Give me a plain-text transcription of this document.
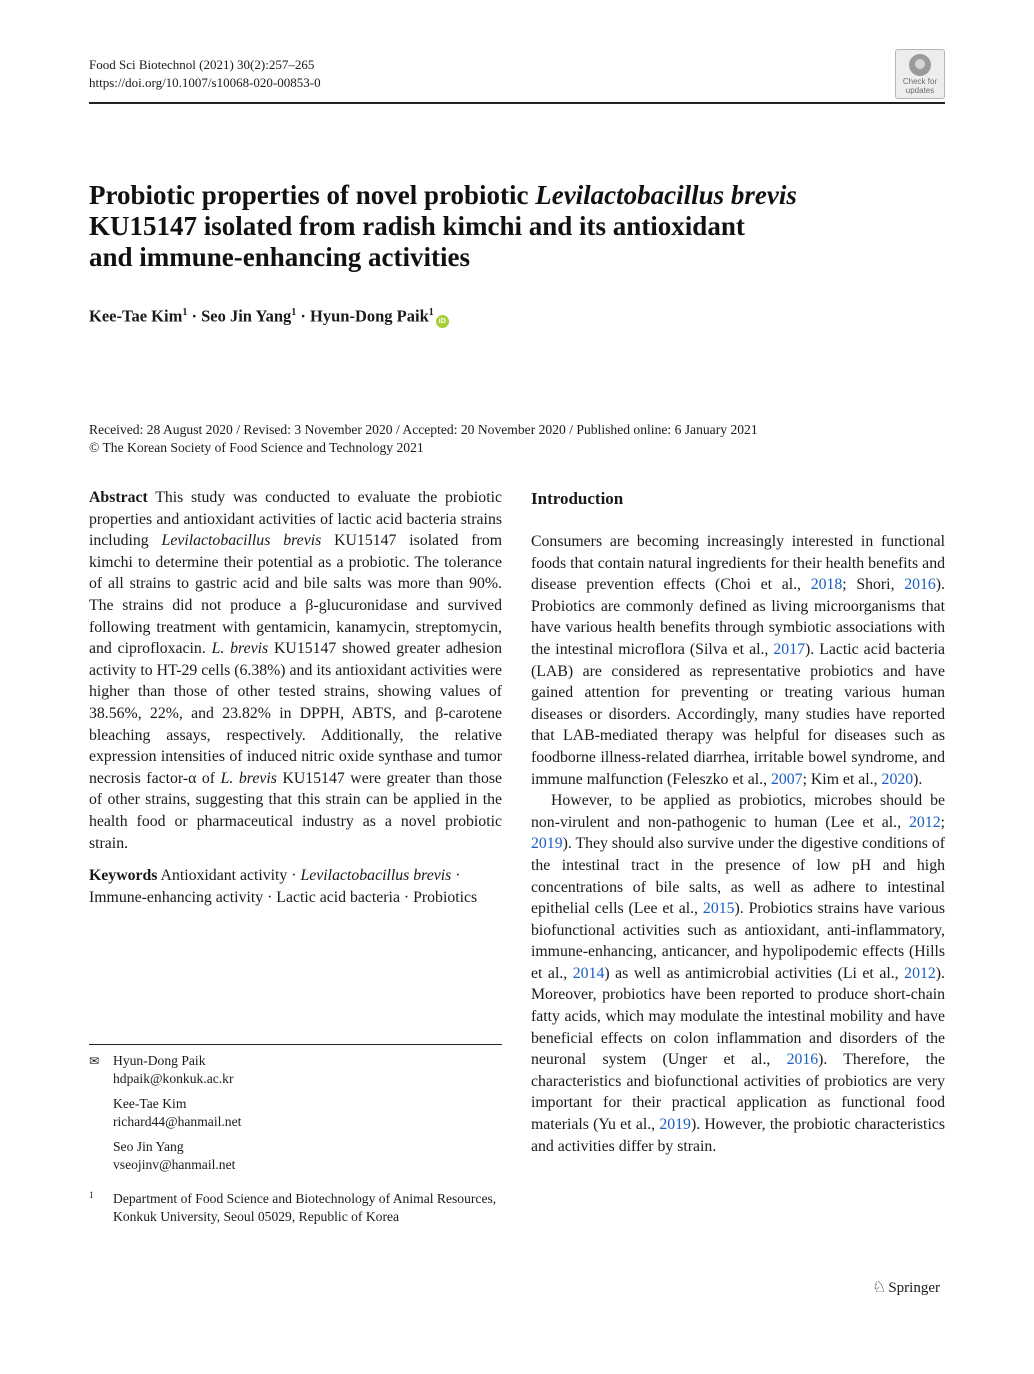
Food Sci Biotechnol (2021) 30(2):257–265
https://doi.org/10.1007/s10068-020-00853-0	Check for
updates
Probiotic properties of novel probiotic Levilactobacillus brevis
KU15147 isolated from radish kimchi and its antioxidant
and immune-enhancing activities
Kee-Tae Kim$^1$ · Seo Jin Yang$^1$ · Hyun-Dong Paik$^1$iD
Received: 28 August 2020 / Revised: 3 November 2020 / Accepted: 20 November 2020 / Published online: 6 January 2021
© The Korean Society of Food Science and Technology 2021

Abstract This study was conducted to evaluate the probiotic properties and antioxidant activities of lactic acid bacteria strains including Levilactobacillus brevis KU15147 isolated from kimchi to determine their potential as a probiotic. The tolerance of all strains to gastric acid and bile salts was more than 90%. The strains did not produce a β-glucuronidase and survived following treatment with gentamicin, kanamycin, streptomycin, and ciprofloxacin. L. brevis KU15147 showed greater adhesion activity to HT-29 cells (6.38%) and its antioxidant activities were higher than those of other tested strains, showing values of 38.56%, 22%, and 23.82% in DPPH, ABTS, and β-carotene bleaching assays, respectively. Additionally, the relative expression intensities of induced nitric oxide synthase and tumor necrosis factor-α of L. brevis KU15147 were greater than those of other strains, suggesting that this strain can be applied in the health food or pharmaceutical industry as a novel probiotic strain.

Keywords Antioxidant activity · Levilactobacillus brevis · Immune-enhancing activity · Lactic acid bacteria · Probiotics

✉ Hyun-Dong Paik
hdpaik@konkuk.ac.kr
Kee-Tae Kim
richard44@hanmail.net
Seo Jin Yang
vseojinv@hanmail.net
1 Department of Food Science and Biotechnology of Animal Resources, Konkuk University, Seoul 05029, Republic of Korea
Introduction

Consumers are becoming increasingly interested in functional foods that contain natural ingredients for their health benefits and disease prevention effects (Choi et al., 2018; Shori, 2016). Probiotics are commonly defined as living microorganisms that have various health benefits through symbiotic associations with the intestinal microflora (Silva et al., 2017). Lactic acid bacteria (LAB) are considered as representative probiotics and have gained attention for preventing or treating various human diseases or disorders. Accordingly, many studies have reported that LAB-mediated therapy was helpful for diseases such as foodborne illness-related diarrhea, irritable bowel syndrome, and immune malfunction (Feleszko et al., 2007; Kim et al., 2020).

However, to be applied as probiotics, microbes should be non-virulent and non-pathogenic to human (Lee et al., 2012; 2019). They should also survive under the digestive conditions of the intestinal tract in the presence of low pH and high concentrations of bile salts, as well as adhere to intestinal epithelial cells (Lee et al., 2015). Probiotics strains have various biofunctional activities such as antioxidant, anti-inflammatory, immune-enhancing, anticancer, and hypolipodemic effects (Hills et al., 2014) as well as antimicrobial activities (Li et al., 2012). Moreover, probiotics have been reported to produce short-chain fatty acids, which may modulate the intestinal mobility and have beneficial effects on colon inflammation and disorders of the neuronal system (Unger et al., 2016). Therefore, the characteristics and biofunctional activities of probiotics are very important for their practical application as functional food materials (Yu et al., 2019). However, the probiotic characteristics and activities differ by strain.

♘ Springer
